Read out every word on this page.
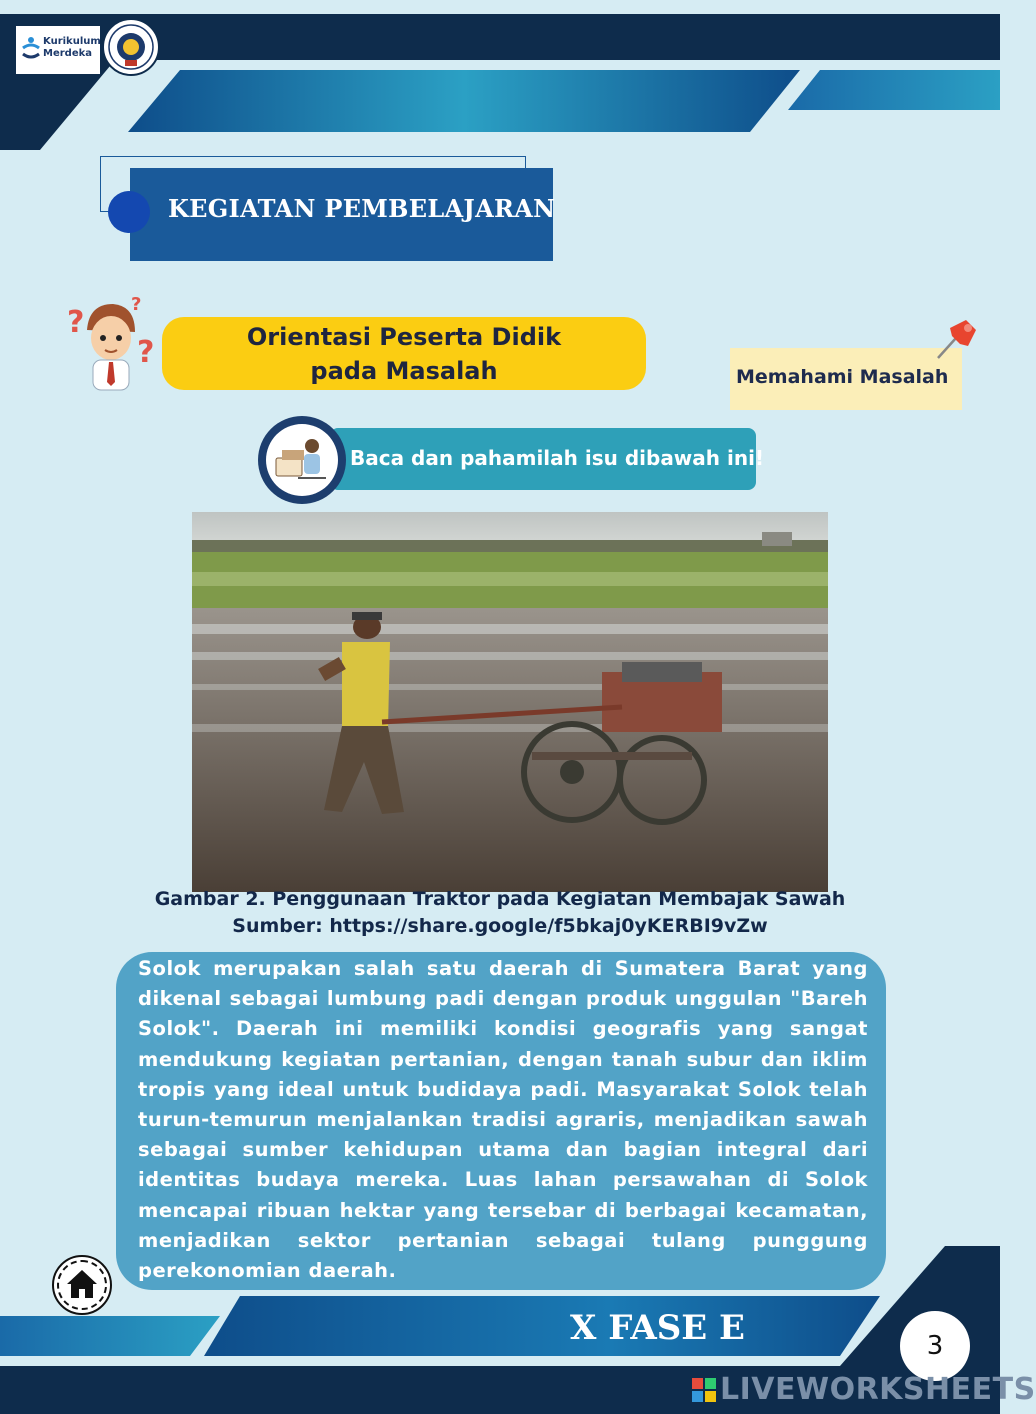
Kurikulum
Merdeka
KEGIATAN PEMBELAJARAN
?
?
?	Orientasi Peserta Didik
pada Masalah	Memahami Masalah
Baca dan pahamilah isu dibawah ini!
Gambar 2. Penggunaan Traktor pada Kegiatan Membajak Sawah
Sumber: https://share.google/f5bkaj0yKERBI9vZw
Solok merupakan salah satu daerah di Sumatera Barat yang dikenal sebagai lumbung padi dengan produk unggulan "Bareh Solok". Daerah ini memiliki kondisi geografis yang sangat mendukung kegiatan pertanian, dengan tanah subur dan iklim tropis yang ideal untuk budidaya padi. Masyarakat Solok telah turun-temurun menjalankan tradisi agraris, menjadikan sawah sebagai sumber kehidupan utama dan bagian integral dari identitas budaya mereka. Luas lahan persawahan di Solok mencapai ribuan hektar yang tersebar di berbagai kecamatan, menjadikan sektor pertanian sebagai tulang punggung perekonomian daerah.
X FASE E	3
LIVEWORKSHEETS
